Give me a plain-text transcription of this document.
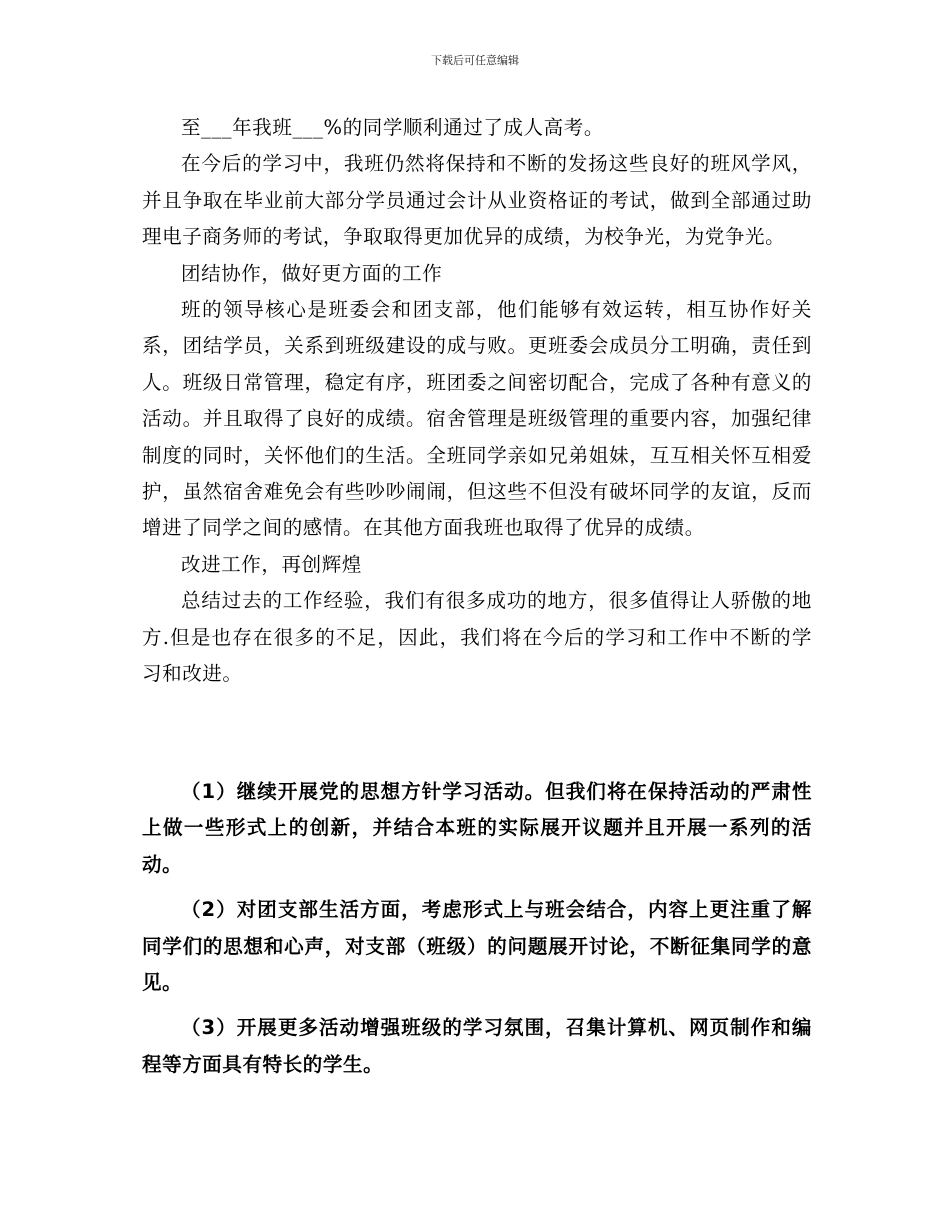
下载后可任意编辑

至___年我班___%的同学顺利通过了成人高考。

在今后的学习中，我班仍然将保持和不断的发扬这些良好的班风学风，并且争取在毕业前大部分学员通过会计从业资格证的考试，做到全部通过助理电子商务师的考试，争取取得更加优异的成绩，为校争光，为党争光。

团结协作，做好更方面的工作

班的领导核心是班委会和团支部，他们能够有效运转，相互协作好关系，团结学员，关系到班级建设的成与败。更班委会成员分工明确，责任到人。班级日常管理，稳定有序，班团委之间密切配合，完成了各种有意义的活动。并且取得了良好的成绩。宿舍管理是班级管理的重要内容，加强纪律制度的同时，关怀他们的生活。全班同学亲如兄弟姐妹，互互相关怀互相爱护，虽然宿舍难免会有些吵吵闹闹，但这些不但没有破坏同学的友谊，反而增进了同学之间的感情。在其他方面我班也取得了优异的成绩。

改进工作，再创辉煌

总结过去的工作经验，我们有很多成功的地方，很多值得让人骄傲的地方.但是也存在很多的不足，因此，我们将在今后的学习和工作中不断的学习和改进。

（1）继续开展党的思想方针学习活动。但我们将在保持活动的严肃性上做一些形式上的创新，并结合本班的实际展开议题并且开展一系列的活动。

（2）对团支部生活方面，考虑形式上与班会结合，内容上更注重了解同学们的思想和心声，对支部（班级）的问题展开讨论，不断征集同学的意见。

（3）开展更多活动增强班级的学习氛围，召集计算机、网页制作和编程等方面具有特长的学生。
